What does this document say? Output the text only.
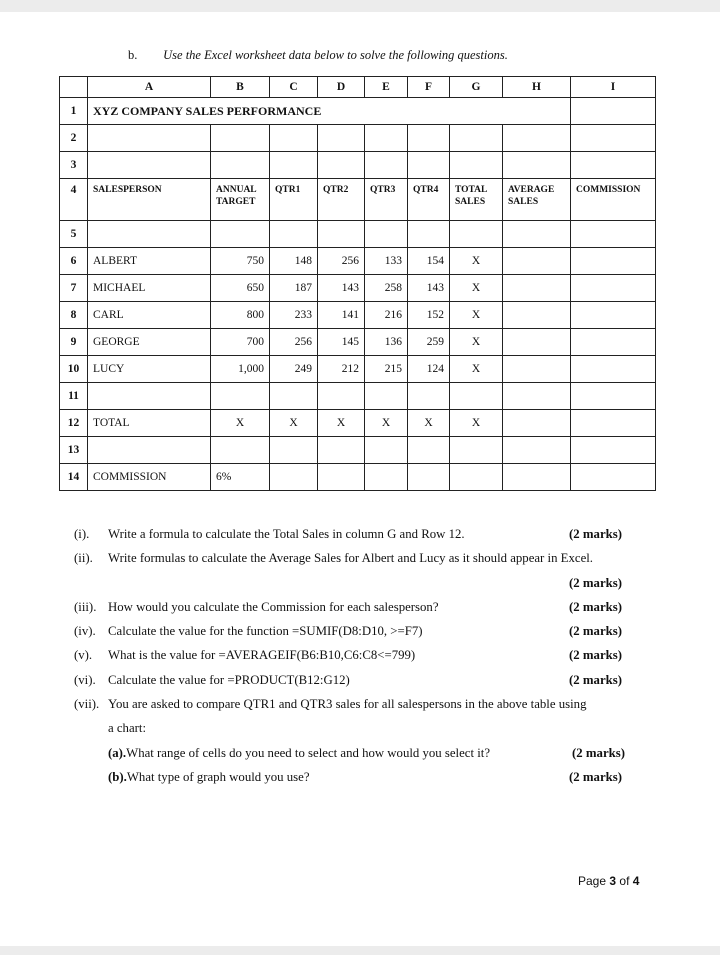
b. Use the Excel worksheet data below to solve the following questions.
	A	B	C	D	E	F	G	H	I
1	XYZ COMPANY SALES PERFORMANCE								
2									
3									
4	SALESPERSON	ANNUAL TARGET	QTR1	QTR2	QTR3	QTR4	TOTAL SALES	AVERAGE SALES	COMMISSION
5									
6	ALBERT	750	148	256	133	154	X		
7	MICHAEL	650	187	143	258	143	X		
8	CARL	800	233	141	216	152	X		
9	GEORGE	700	256	145	136	259	X		
10	LUCY	1,000	249	212	215	124	X		
11									
12	TOTAL	X	X	X	X	X	X		
13									
14	COMMISSION	6%							
(i). Write a formula to calculate the Total Sales in column G and Row 12.	(2 marks)
(ii). Write formulas to calculate the Average Sales for Albert and Lucy as it should appear in Excel.
(2 marks)
(iii). How would you calculate the Commission for each salesperson?	(2 marks)
(iv). Calculate the value for the function =SUMIF(D8:D10, >=F7)	(2 marks)
(v). What is the value for =AVERAGEIF(B6:B10,C6:C8<=799)	(2 marks)
(vi). Calculate the value for =PRODUCT(B12:G12)	(2 marks)
(vii). You are asked to compare QTR1 and QTR3 sales for all salespersons in the above table using
a chart:
(a).What range of cells do you need to select and how would you select it?	(2 marks)
(b).What type of graph would you use?	(2 marks)
Page 3 of 4
